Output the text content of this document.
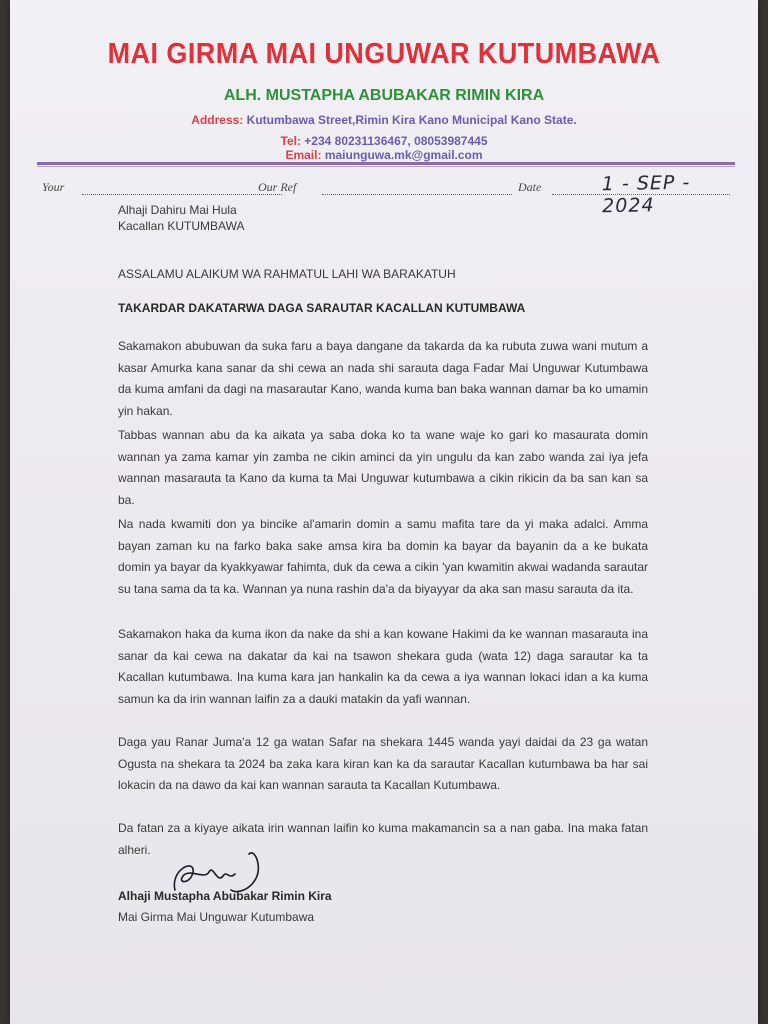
MAI GIRMA MAI UNGUWAR KUTUMBAWA
ALH. MUSTAPHA ABUBAKAR RIMIN KIRA
Address: Kutumbawa Street,Rimin Kira Kano Municipal Kano State.
Tel: +234 80231136467, 08053987445
Email: maiunguwa.mk@gmail.com
Your	Our Ref	Date	1 - SEP - 2024
Alhaji Dahiru Mai Hula
Kacallan KUTUMBAWA
ASSALAMU ALAIKUM WA RAHMATUL LAHI WA BARAKATUH
TAKARDAR DAKATARWA DAGA SARAUTAR KACALLAN KUTUMBAWA
Sakamakon abubuwan da suka faru a baya dangane da takarda da ka rubuta zuwa wani mutum a kasar Amurka kana sanar da shi cewa an nada shi sarauta daga Fadar Mai Unguwar Kutumbawa da kuma amfani da dagi na masarautar Kano, wanda kuma ban baka wannan damar ba ko umamin yin hakan.
Tabbas wannan abu da ka aikata ya saba doka ko ta wane waje ko gari ko masaurata domin wannan ya zama kamar yin zamba ne cikin aminci da yin ungulu da kan zabo wanda zai iya jefa wannan masarauta ta Kano da kuma ta Mai Unguwar kutumbawa a cikin rikicin da ba san kan sa ba.
Na nada kwamiti don ya bincike al'amarin domin a samu mafita tare da yi maka adalci. Amma bayan zaman ku na farko baka sake amsa kira ba domin ka bayar da bayanin da a ke bukata domin ya bayar da kyakkyawar fahimta, duk da cewa a cikin 'yan kwamitin akwai wadanda sarautar su tana sama da ta ka. Wannan ya nuna rashin da'a da biyayyar da aka san masu sarauta da ita.
Sakamakon haka da kuma ikon da nake da shi a kan kowane Hakimi da ke wannan masarauta ina sanar da kai cewa na dakatar da kai na tsawon shekara guda (wata 12) daga sarautar ka ta Kacallan kutumbawa. Ina kuma kara jan hankalin ka da cewa a iya wannan lokaci idan a ka kuma samun ka da irin wannan laifin za a dauki matakin da yafi wannan.
Daga yau Ranar Juma'a 12 ga watan Safar na shekara 1445 wanda yayi daidai da 23 ga watan Ogusta na shekara ta 2024 ba zaka kara kiran kan ka da sarautar Kacallan kutumbawa ba har sai lokacin da na dawo da kai kan wannan sarauta ta Kacallan Kutumbawa.
Da fatan za a kiyaye aikata irin wannan laifin ko kuma makamancin sa a nan gaba. Ina maka fatan alheri.
Alhaji Mustapha Abubakar Rimin Kira
Mai Girma Mai Unguwar Kutumbawa
